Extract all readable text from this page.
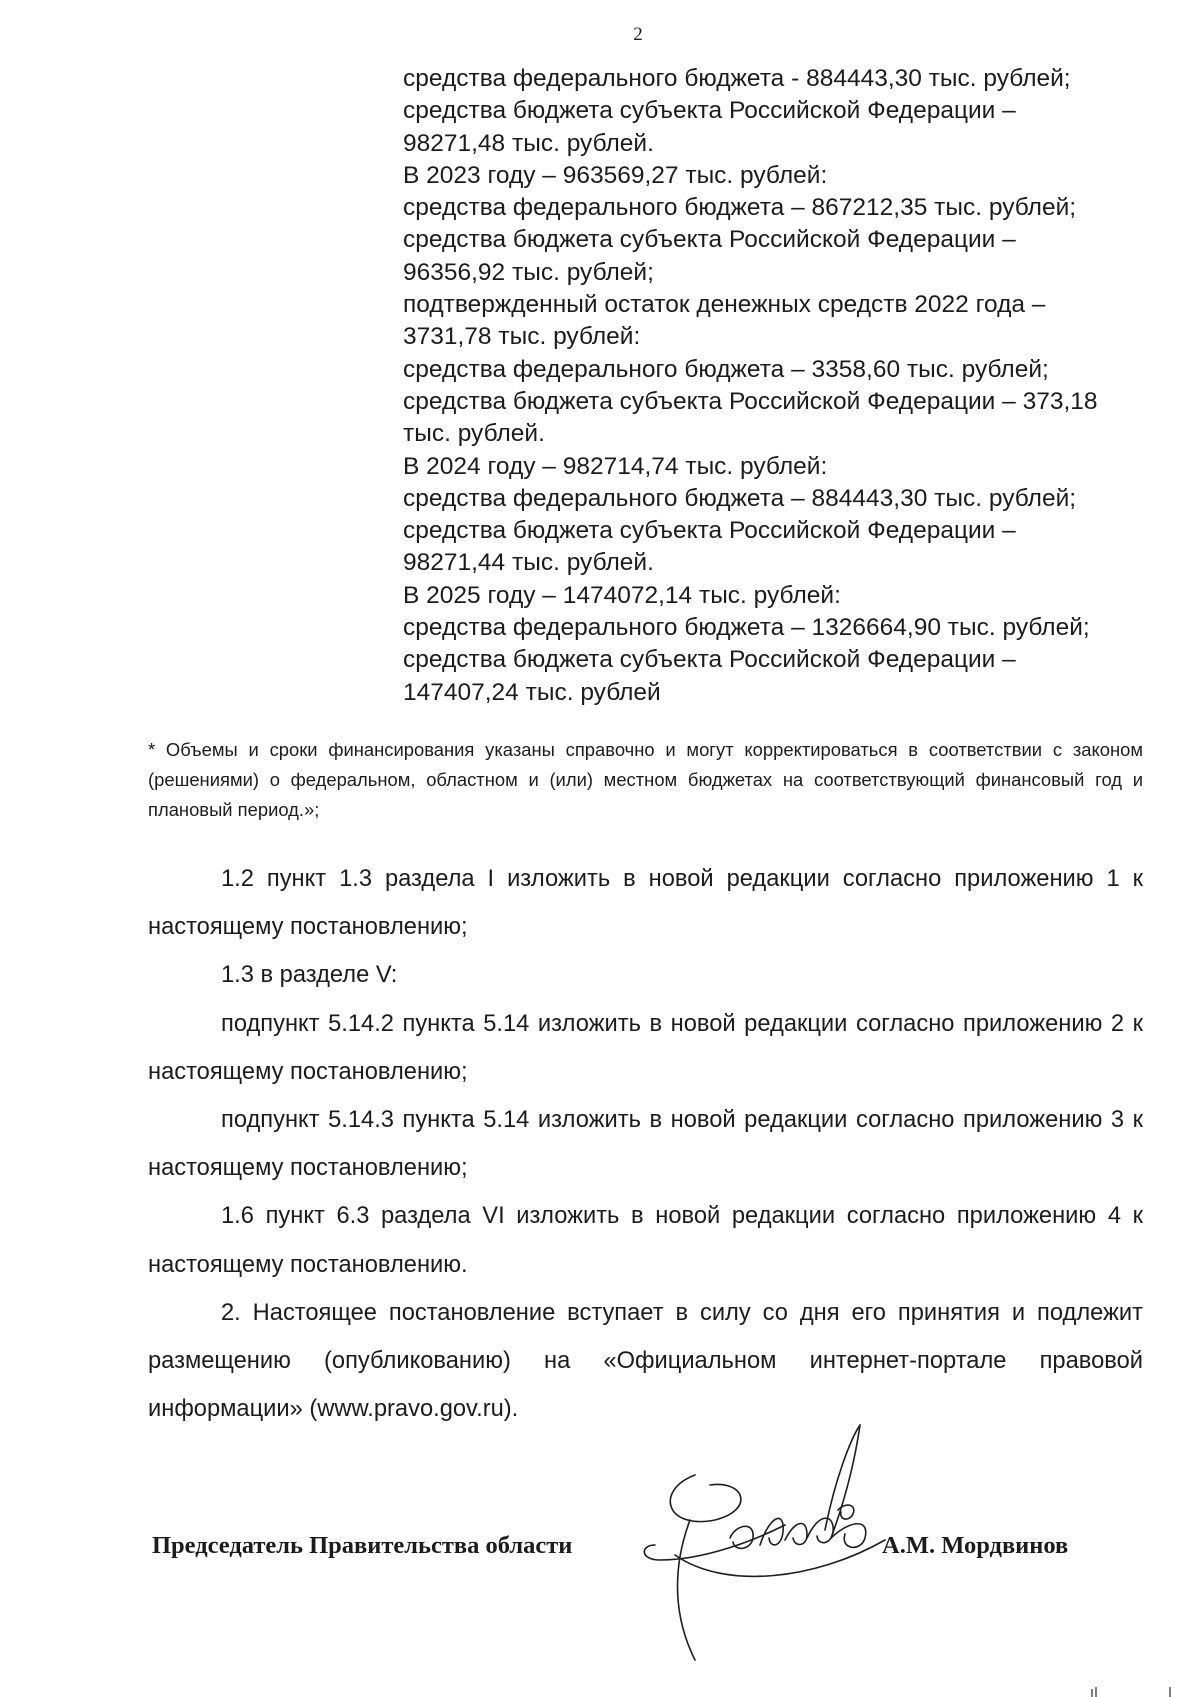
2
средства федерального бюджета - 884443,30 тыс. рублей;
средства бюджета субъекта Российской Федерации –
98271,48 тыс. рублей.
В 2023 году – 963569,27 тыс. рублей:
средства федерального бюджета – 867212,35 тыс. рублей;
средства бюджета субъекта Российской Федерации –
96356,92 тыс. рублей;
подтвержденный остаток денежных средств 2022 года –
3731,78 тыс. рублей:
средства федерального бюджета – 3358,60 тыс. рублей;
средства бюджета субъекта Российской Федерации – 373,18
тыс. рублей.
В 2024 году – 982714,74 тыс. рублей:
средства федерального бюджета – 884443,30 тыс. рублей;
средства бюджета субъекта Российской Федерации –
98271,44 тыс. рублей.
В 2025 году – 1474072,14 тыс. рублей:
средства федерального бюджета – 1326664,90 тыс. рублей;
средства бюджета субъекта Российской Федерации –
147407,24 тыс. рублей
* Объемы и сроки финансирования указаны справочно и могут корректироваться в соответствии с законом (решениями) о федеральном, областном и (или) местном бюджетах на соответствующий финансовый год и плановый период.»;

1.2 пункт 1.3 раздела I изложить в новой редакции согласно приложению 1 к настоящему постановлению;

1.3 в разделе V:

подпункт 5.14.2 пункта 5.14 изложить в новой редакции согласно приложению 2 к настоящему постановлению;

подпункт 5.14.3 пункта 5.14 изложить в новой редакции согласно приложению 3 к настоящему постановлению;

1.6 пункт 6.3 раздела VI изложить в новой редакции согласно приложению 4 к настоящему постановлению.

2. Настоящее постановление вступает в силу со дня его принятия и подлежит размещению (опубликованию) на «Официальном интернет-портале правовой информации» (www.pravo.gov.ru).

Председатель Правительства области	А.М. Мордвинов
